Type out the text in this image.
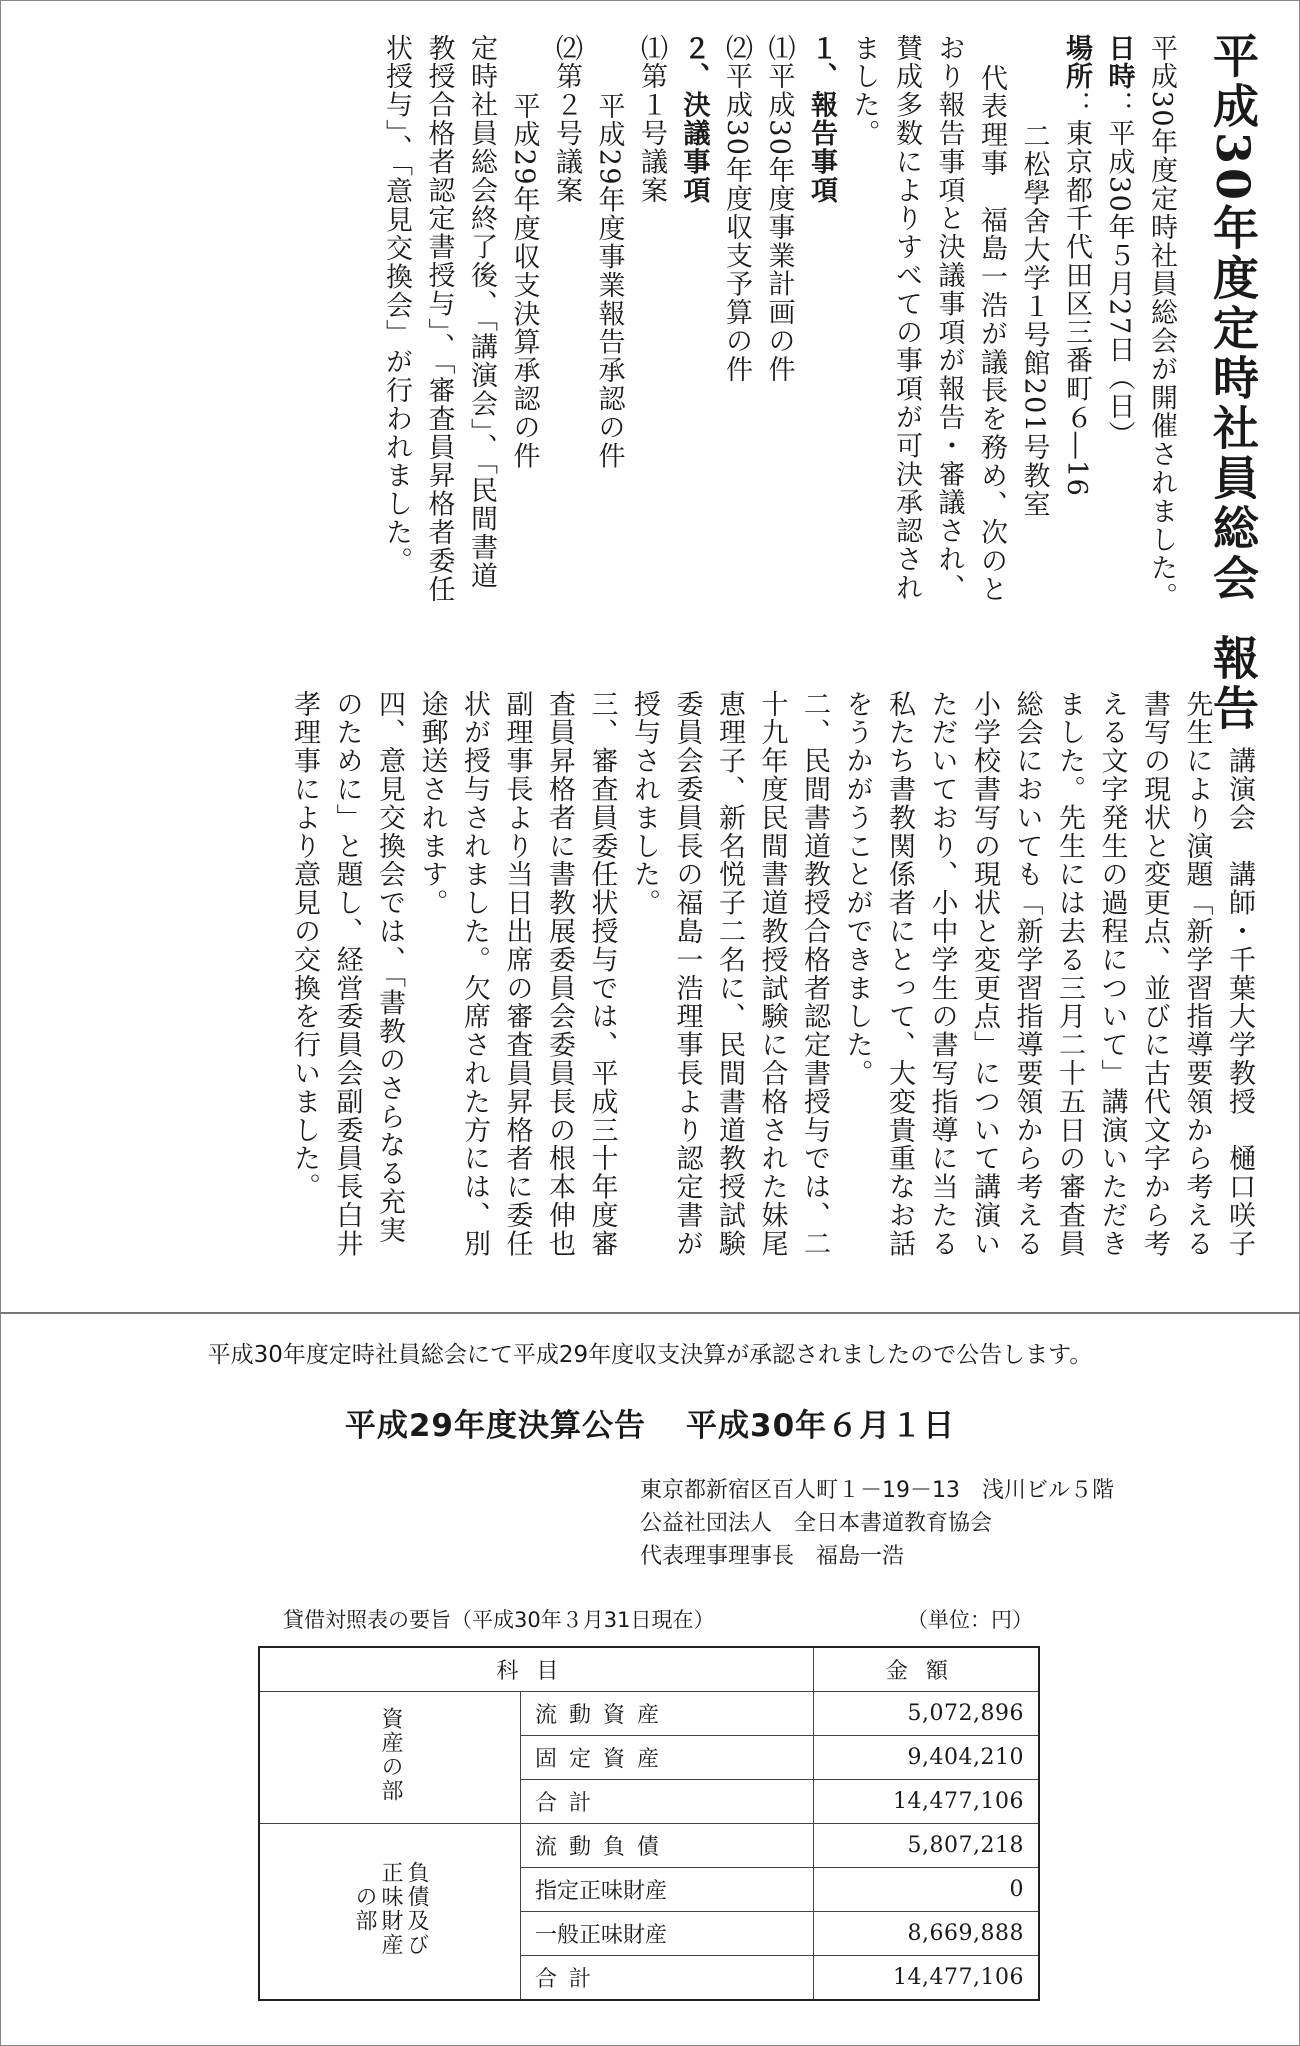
平成30年度定時社員総会報告

平成30年度定時社員総会が開催されました。

日時：平成30年５月27日（日）

場所：東京都千代田区三番町６―16

二松學舍大学１号館201号教室

代表理事　福島一浩が議長を務め、次のと

おり報告事項と決議事項が報告・審議され、

賛成多数によりすべての事項が可決承認され

ました。

１、報告事項

⑴平成30年度事業計画の件

⑵平成30年度収支予算の件

２、決議事項

⑴第１号議案

平成29年度事業報告承認の件

⑵第２号議案

平成29年度収支決算承認の件

定時社員総会終了後、「講演会」、「民間書道

教授合格者認定書授与」、「審査員昇格者委任

状授与」、「意見交換会」が行われました。

一、講演会　講師・千葉大学教授　樋口咲子

先生により演題「新学習指導要領から考える

書写の現状と変更点、並びに古代文字から考

える文字発生の過程について」講演いただき

ました。先生には去る三月二十五日の審査員

総会においても「新学習指導要領から考える

小学校書写の現状と変更点」について講演い

ただいており、小中学生の書写指導に当たる

私たち書教関係者にとって、大変貴重なお話

をうかがうことができました。

二、民間書道教授合格者認定書授与では、二

十九年度民間書道教授試験に合格された妹尾

恵理子、新名悦子二名に、民間書道教授試験

委員会委員長の福島一浩理事長より認定書が

授与されました。

三、審査員委任状授与では、平成三十年度審

査員昇格者に書教展委員会委員長の根本伸也

副理事長より当日出席の審査員昇格者に委任

状が授与されました。欠席された方には、別

途郵送されます。

四、意見交換会では、「書教のさらなる充実

のために」と題し、経営委員会副委員長白井

孝理事により意見の交換を行いました。

平成30年度定時社員総会にて平成29年度収支決算が承認されましたので公告します。
平成29年度決算公告 平成30年６月１日
東京都新宿区百人町１－19－13　浅川ビル５階
公益社団法人　全日本書道教育協会
代表理事理事長　福島一浩
貸借対照表の要旨（平成30年３月31日現在）	（単位：円）
科目		金額
資産の部	流動資産	5,072,896
	固定資産	9,404,210
	合計	14,477,106
負債及び
正味財産
の部	流動負債	5,807,218
	指定正味財産	0
	一般正味財産	8,669,888
	合計	14,477,106
